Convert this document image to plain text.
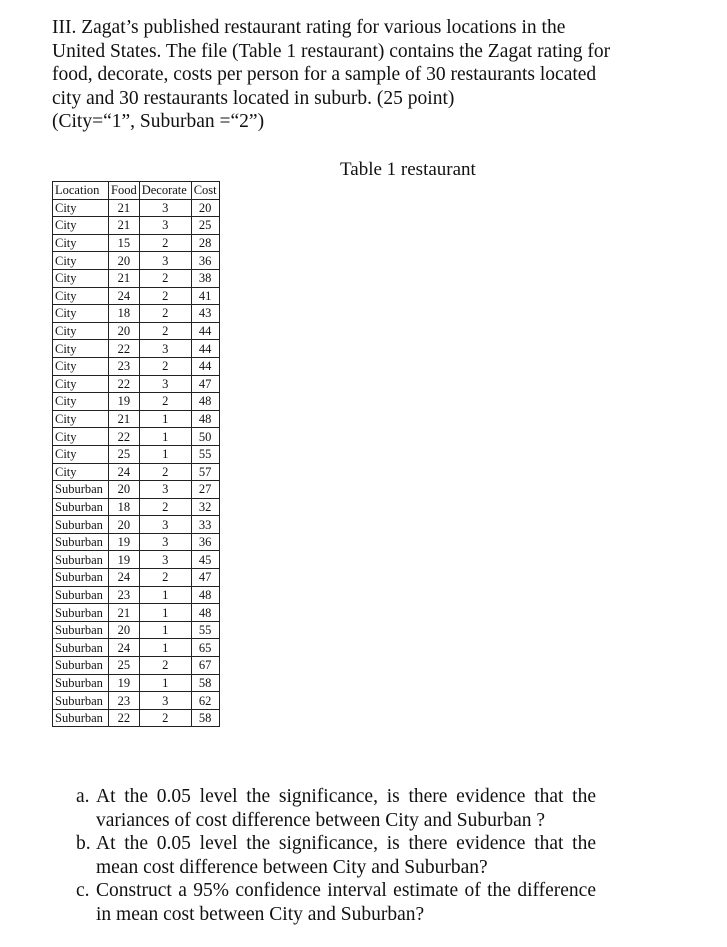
III. Zagat’s published restaurant rating for various locations in the United States. The file (Table 1 restaurant) contains the Zagat rating for food, decorate, costs per person for a sample of 30 restaurants located city and 30 restaurants located in suburb. (25 point)

(City=“1”, Suburban =“2”)

Table 1 restaurant
Location	Food	Decorate	Cost
City	21	3	20
City	21	3	25
City	15	2	28
City	20	3	36
City	21	2	38
City	24	2	41
City	18	2	43
City	20	2	44
City	22	3	44
City	23	2	44
City	22	3	47
City	19	2	48
City	21	1	48
City	22	1	50
City	25	1	55
City	24	2	57
Suburban	20	3	27
Suburban	18	2	32
Suburban	20	3	33
Suburban	19	3	36
Suburban	19	3	45
Suburban	24	2	47
Suburban	23	1	48
Suburban	21	1	48
Suburban	20	1	55
Suburban	24	1	65
Suburban	25	2	67
Suburban	19	1	58
Suburban	23	3	62
Suburban	22	2	58
a. At the 0.05 level the significance, is there evidence that the variances of cost difference between City and Suburban ?
b. At the 0.05 level the significance, is there evidence that the mean cost difference between City and Suburban?
c. Construct a 95% confidence interval estimate of the difference in mean cost between City and Suburban?
